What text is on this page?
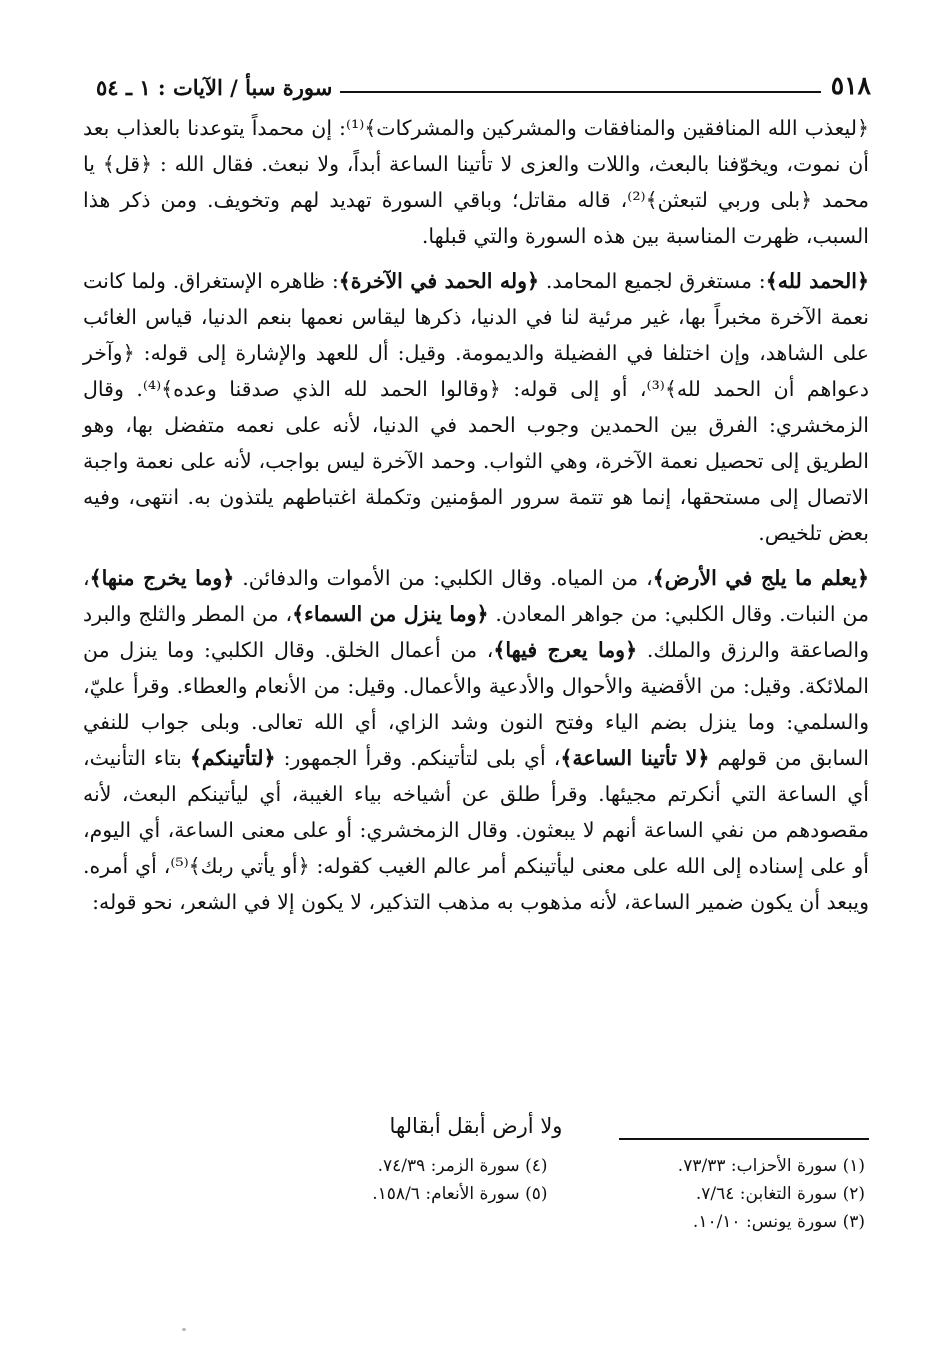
٥١٨
سورة سبأ / الآيات : ١ ـ ٥٤

﴿ليعذب الله المنافقين والمنافقات والمشركين والمشركات﴾⁽¹⁾: إن محمداً يتوعدنا بالعذاب بعد أن نموت، ويخوّفنا بالبعث، واللات والعزى لا تأتينا الساعة أبداً، ولا نبعث. فقال الله : ﴿قل﴾ يا محمد ﴿بلى وربي لتبعثن﴾⁽²⁾، قاله مقاتل؛ وباقي السورة تهديد لهم وتخويف. ومن ذكر هذا السبب، ظهرت المناسبة بين هذه السورة والتي قبلها.

﴿الحمد لله﴾: مستغرق لجميع المحامد. ﴿وله الحمد في الآخرة﴾: ظاهره الإستغراق. ولما كانت نعمة الآخرة مخبراً بها، غير مرئية لنا في الدنيا، ذكرها ليقاس نعمها بنعم الدنيا، قياس الغائب على الشاهد، وإن اختلفا في الفضيلة والديمومة. وقيل: أل للعهد والإشارة إلى قوله: ﴿وآخر دعواهم أن الحمد لله﴾⁽³⁾، أو إلى قوله: ﴿وقالوا الحمد لله الذي صدقنا وعده﴾⁽⁴⁾. وقال الزمخشري: الفرق بين الحمدين وجوب الحمد في الدنيا، لأنه على نعمه متفضل بها، وهو الطريق إلى تحصيل نعمة الآخرة، وهي الثواب. وحمد الآخرة ليس بواجب، لأنه على نعمة واجبة الاتصال إلى مستحقها، إنما هو تتمة سرور المؤمنين وتكملة اغتباطهم يلتذون به. انتهى، وفيه بعض تلخيص.

﴿يعلم ما يلج في الأرض﴾، من المياه. وقال الكلبي: من الأموات والدفائن. ﴿وما يخرج منها﴾، من النبات. وقال الكلبي: من جواهر المعادن. ﴿وما ينزل من السماء﴾، من المطر والثلج والبرد والصاعقة والرزق والملك. ﴿وما يعرج فيها﴾، من أعمال الخلق. وقال الكلبي: وما ينزل من الملائكة. وقيل: من الأقضية والأحوال والأدعية والأعمال. وقيل: من الأنعام والعطاء. وقرأ عليّ، والسلمي: وما ينزل بضم الياء وفتح النون وشد الزاي، أي الله تعالى. وبلى جواب للنفي السابق من قولهم ﴿لا تأتينا الساعة﴾، أي بلى لتأتينكم. وقرأ الجمهور: ﴿لتأتينكم﴾ بتاء التأنيث، أي الساعة التي أنكرتم مجيئها. وقرأ طلق عن أشياخه بياء الغيبة، أي ليأتينكم البعث، لأنه مقصودهم من نفي الساعة أنهم لا يبعثون. وقال الزمخشري: أو على معنى الساعة، أي اليوم، أو على إسناده إلى الله على معنى ليأتينكم أمر عالم الغيب كقوله: ﴿أو يأتي ربك﴾⁽⁵⁾، أي أمره. ويبعد أن يكون ضمير الساعة، لأنه مذهوب به مذهب التذكير، لا يكون إلا في الشعر، نحو قوله:

ولا أرض أبقل أبقالها
(١) سورة الأحزاب: ٧٣/٣٣.
(٢) سورة التغابن: ٧/٦٤.
(٣) سورة يونس: ١٠/١٠.
(٤) سورة الزمر: ٧٤/٣٩.
(٥) سورة الأنعام: ١٥٨/٦.
